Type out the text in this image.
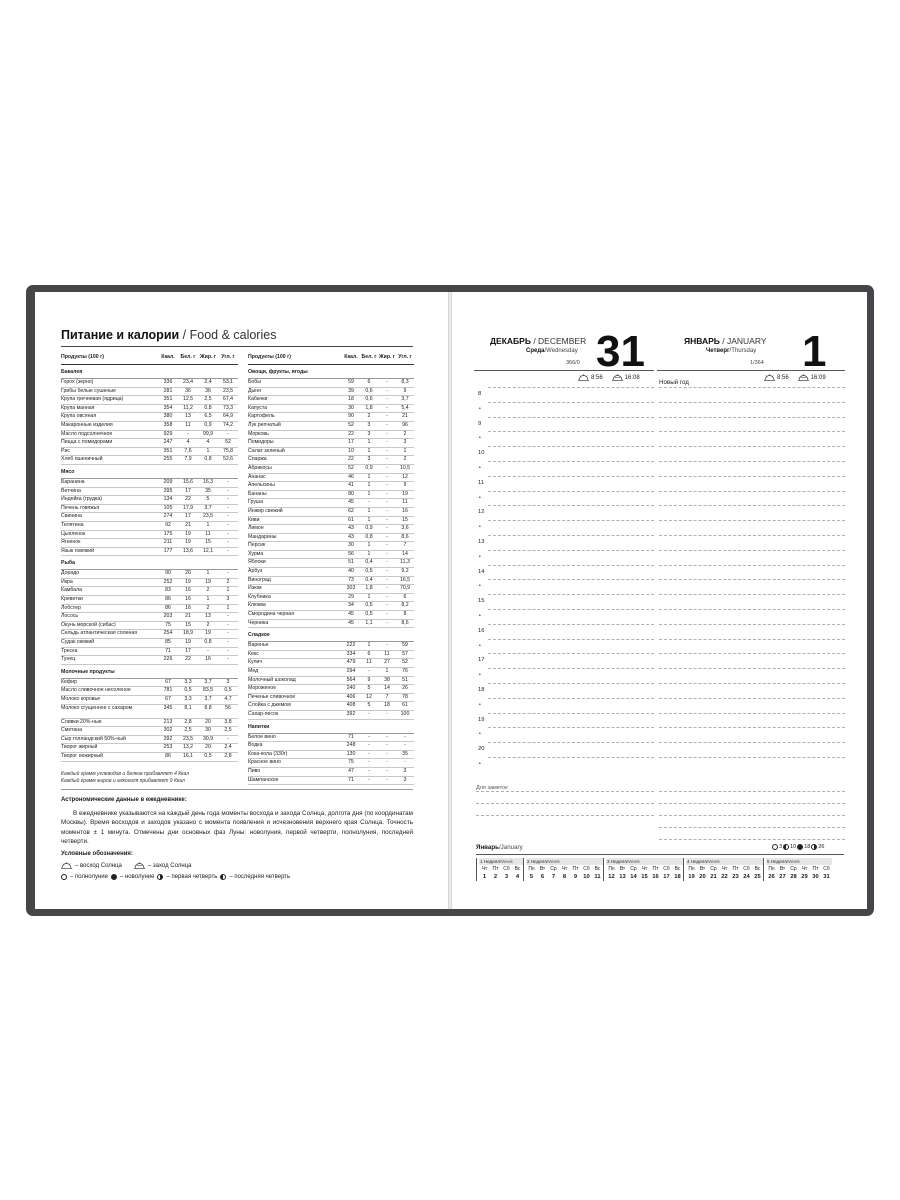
Питание и калории / Food & calories
Продукты (100 г)	Ккал.	Бел. г Жир. г	Угл. г
Бакалея
Горох (зерно)	336	23,4	2,4	53,1
Грибы белые сушеные	281	36	36	23,5
Крупа гречневая (ядрица)	351	12,5	2,5	67,4
Крупа манная	354	11,2	0,8	73,3
Крупа овсяная	380	13	6,5	64,9
Макаронные изделия	358	11	0,9	74,2
Масло подсолнечное	929	-	99,9	-
Пицца с помидорами	247	4	4	52
Рис	351	7,6	1	75,8
Хлеб пшеничный	255	7,9	0,8	52,6
Мясо
Баранина	209	15,6	16,3	-
Ветчина	395	17	35	-
Индейка (грудка)	134	22	5	-
Печень говяжья	105	17,9	3,7	-
Свинина	274	17	23,5	-
Телятина	92	21	1	-
Цыпленок	175	19	11	-
Ягненок	211	19	15	-
Язык говяжий	177	13,6	12,1	-
Рыба
Дорадо	90	20	1	-
Икра	252	19	19	2
Камбала	83	16	2	1
Креветки	86	16	1	3
Лобстер	86	16	2	1
Лосось	203	21	13	-
Окунь морской (сибас)	75	15	2	-
Сельдь атлантическая соленая	254	18,9	19	-
Судак свежий	85	19	0,8	-
Треска	71	17	-	-
Тунец	226	22	16	-
Молочные продукты
Кефир	67	3,3	3,7	3
Масло сливочное несоленое	781	0,5	83,5	0,5
Молоко коровье	67	3,3	3,7	4,7
Молоко сгущенное с сахаром	345	8,1	8,8	56
Сливки 20%-ные	213	2,8	20	3,8
Сметана	302	2,5	30	2,5
Сыр голландский 50%-ный	392	23,5	30,9	-
Творог жирный	253	13,2	20	2,4
Творог нежирный	86	16,1	0,5	2,8
Продукты (100 г)	Ккал. Бел. г Жир. г Угл. г
Овощи, фрукты, ягоды
Бобы	59	6	-	8,3
Дыня	39	0,6	-	9
Кабачки	18	0,6	-	3,7
Капуста	30	1,8	-	5,4
Картофель	90	2	-	21
Лук репчатый	52	3	-	96
Морковь	22	3	-	2
Помидоры	17	1	-	3
Салат зеленый	10	1	-	1
Спаржа	22	3	-	2
Абрикосы	52	0,9	-	10,5
Ананас	46	1	-	12
Апельсины	41	1	-	9
Бананы	80	1	-	19
Груша	45	-	-	11
Инжир свежий	62	1	-	16
Киви	61	1	-	15
Лимон	43	0,9	-	3,6
Мандарины	43	0,8	-	8,6
Персик	30	1	-	7
Хурма	56	1	-	14
Яблоки	51	0,4	-	11,3
Арбуз	40	0,5	-	9,2
Виноград	73	0,4	-	16,5
Изюм	303	1,8	-	70,9
Клубника	29	1	-	6
Клюква	34	0,5	-	8,2
Смородина черная	45	0,5	-	8
Черника	45	1,1	-	8,6
Сладкое
Варенье	222	1	-	59
Кекс	334	6	11	57
Кулич	479	11	27	52
Мед	294	-	1	76
Молочный шоколад	564	9	38	51
Мороженое	240	5	14	26
Печенье сливочное	406	12	7	78
Слойка с джемом	408	5	18	61
Сахар-песок	392	-	-	100
Напитки
Белое вино	71	-	-	-
Водка	248	-	-	-
Кока-кола (330г)	130	-	-	35
Красное вино	75	-	-	-
Пиво	47	-	-	3
Шампанское	71	-	-	3
Каждый грамм углеводов и белков прибавляет 4 Ккал
Каждый грамм жиров и алкоголя прибавляет 9 Ккал
Астрономические данные в ежедневнике:
В ежедневнике указываются на каждый день года моменты восхода и захода Солнца, долгота дня (по координатам Москвы). Время восходов и заходов указано с момента появления и исчезновения верхнего края Солнца. Точность моментов ± 1 минута. Отмечены дни основных фаз Луны: новолуния, первой четверти, полнолуния, последней четверти.
Условные обозначения:
– восход Солнца	– заход Солнца
– полнолуние – новолуние – первая четверть – последняя четверть
ДЕКАБРЬ / DECEMBER
Среда/Wednesday
366/0 31
8:56	16:08
ЯНВАРЬ / JANUARY
Четверг/Thursday
1/364 1
Новый год
8:56	16:09
8
•
9
•
10
•
11
•
12
•
13
•
14
•
15
•
16
•
17
•
18
•
19
•
20
•
Для заметок
Январь/January	3 10 18 26
1 Неделя/Week
Чт	Пт Сб Вс
1	2	3	4
2 Неделя/Week
Пн	Вт	Ср Чт	Пт Сб Вс
5	6	7	8	9	10 11
3 Неделя/Week
Пн	Вт	Ср Чт	Пт Сб Вс
12 13 14 15 16 17 18
4 Неделя/Week
Пн	Вт	Ср Чт	Пт Сб Вс
19 20 21 22 23 24 25
5 Неделя/Week
Пн	Вт	Ср Чт	Пт Сб
26 27 28 29 30 31
